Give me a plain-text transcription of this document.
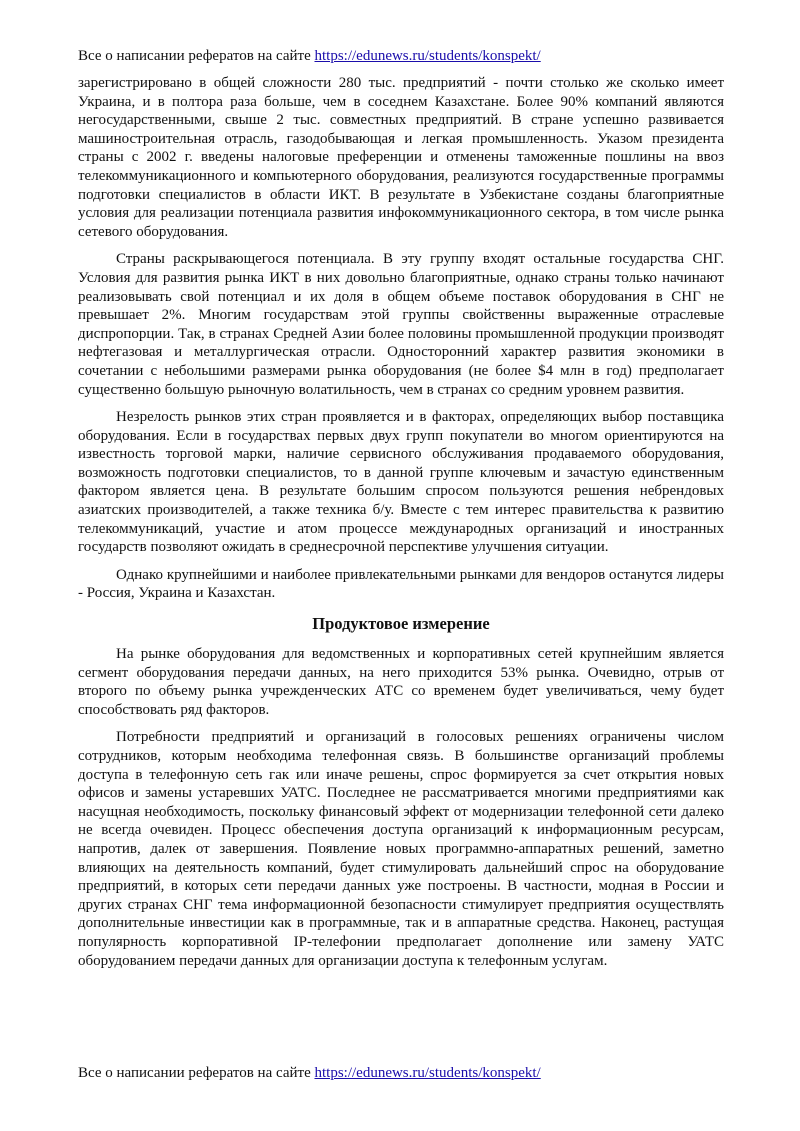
Все о написании рефератов на сайте https://edunews.ru/students/konspekt/

зарегистрировано в общей сложности 280 тыс. предприятий - почти столько же сколько имеет Украина, и в полтора раза больше, чем в соседнем Казахстане. Более 90% компаний являются негосударственными, свыше 2 тыс. совместных предприятий. В стране успешно развивается машиностроительная отрасль, газодобывающая и легкая промышленность. Указом президента страны с 2002 г. введены налоговые преференции и отменены таможенные пошлины на ввоз телекоммуникационного и компьютерного оборудования, реализуются государственные программы подготовки специалистов в области ИКТ. В результате в Узбекистане созданы благоприятные условия для реализации потенциала развития инфокоммуникационного сектора, в том числе рынка сетевого оборудования.

Страны раскрывающегося потенциала. В эту группу входят остальные государства СНГ. Условия для развития рынка ИКТ в них довольно благоприятные, однако страны только начинают реализовывать свой потенциал и их доля в общем объеме поставок оборудования в СНГ не превышает 2%. Многим государствам этой группы свойственны выраженные отраслевые диспропорции. Так, в странах Средней Азии более половины промышленной продукции производят нефтегазовая и металлургическая отрасли. Односторонний характер развития экономики в сочетании с небольшими размерами рынка оборудования (не более $4 млн в год) предполагает существенно большую рыночную волатильность, чем в странах со средним уровнем развития.

Незрелость рынков этих стран проявляется и в факторах, определяющих выбор поставщика оборудования. Если в государствах первых двух групп покупатели во многом ориентируются на известность торговой марки, наличие сервисного обслуживания продаваемого оборудования, возможность подготовки специалистов, то в данной группе ключевым и зачастую единственным фактором является цена. В результате большим спросом пользуются решения небрендовых азиатских производителей, а также техника б/у. Вместе с тем интерес правительства к развитию телекоммуникаций, участие и атом процессе международных организаций и иностранных государств позволяют ожидать в среднесрочной перспективе улучшения ситуации.

Однако крупнейшими и наиболее привлекательными рынками для вендоров останутся лидеры - Россия, Украина и Казахстан.

Продуктовое измерение

На рынке оборудования для ведомственных и корпоративных сетей крупнейшим является сегмент оборудования передачи данных, на него приходится 53% рынка. Очевидно, отрыв от второго по объему рынка учрежденческих АТС со временем будет увеличиваться, чему будет способствовать ряд факторов.

Потребности предприятий и организаций в голосовых решениях ограничены числом сотрудников, которым необходима телефонная связь. В большинстве организаций проблемы доступа в телефонную сеть гак или иначе решены, спрос формируется за счет открытия новых офисов и замены устаревших УАТС. Последнее не рассматривается многими предприятиями как насущная необходимость, поскольку финансовый эффект от модернизации телефонной сети далеко не всегда очевиден. Процесс обеспечения доступа организаций к информационным ресурсам, напротив, далек от завершения. Появление новых программно-аппаратных решений, заметно влияющих на деятельность компаний, будет стимулировать дальнейший спрос на оборудование предприятий, в которых сети передачи данных уже построены. В частности, модная в России и других странах СНГ тема информационной безопасности стимулирует предприятия осуществлять дополнительные инвестиции как в программные, так и в аппаратные средства. Наконец, растущая популярность корпоративной IP-телефонии предполагает дополнение или замену УАТС оборудованием передачи данных для организации доступа к телефонным услугам.

Все о написании рефератов на сайте https://edunews.ru/students/konspekt/
